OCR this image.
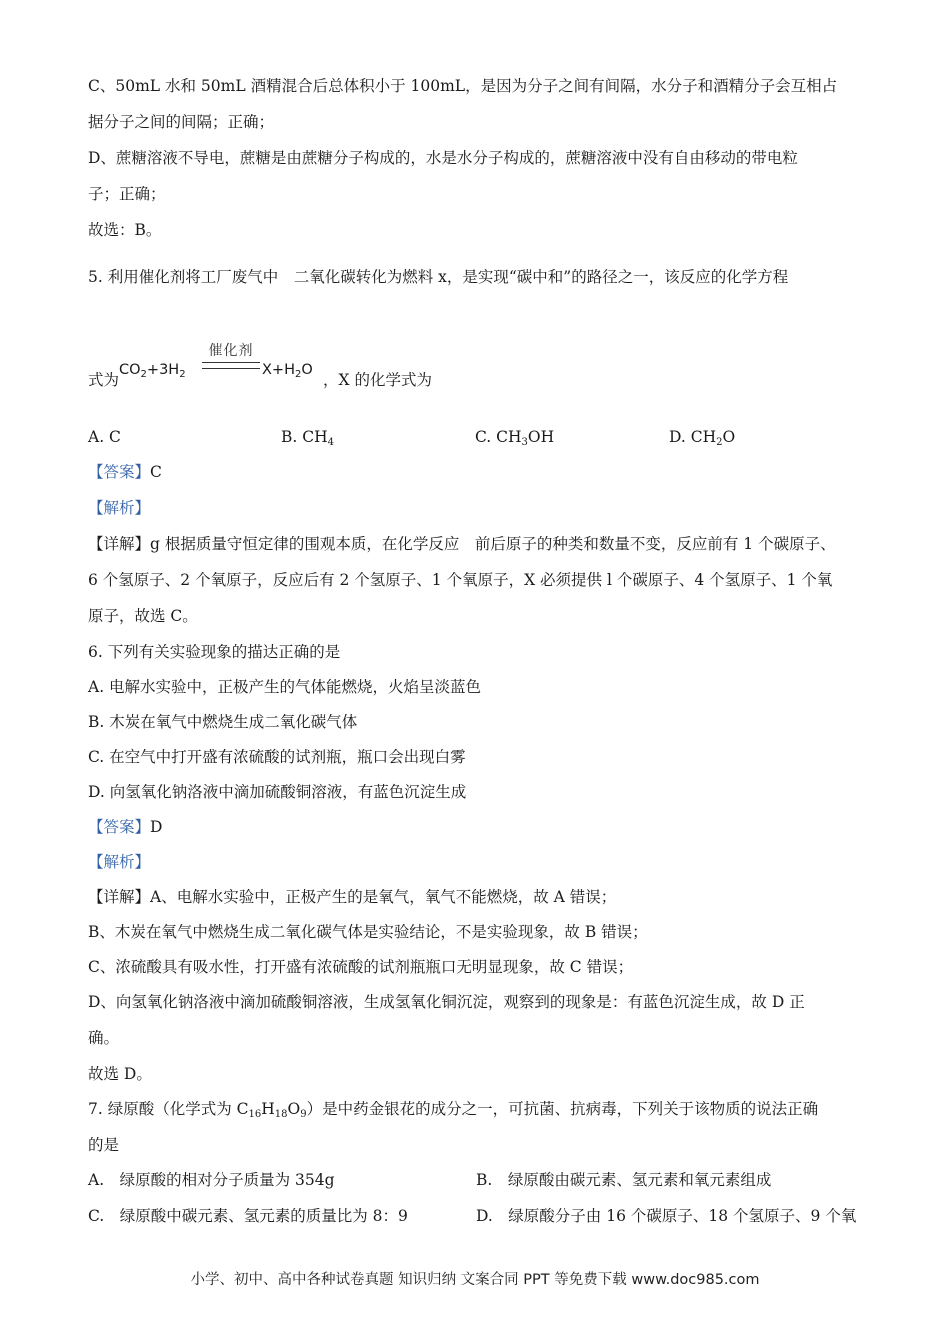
C、50mL 水和 50mL 酒精混合后总体积小于 100mL，是因为分子之间有间隔，水分子和酒精分子会互相占
据分子之间的间隔；正确；
D、蔗糖溶液不导电，蔗糖是由蔗糖分子构成的，水是水分子构成的，蔗糖溶液中没有自由移动的带电粒
子；正确；
故选：B。
5. 利用催化剂将工厂废气中　二氧化碳转化为燃料 x，是实现“碳中和”的路径之一，该反应的化学方程
式为
$CO_2+3H_2$
催化剂
$X+H_2O$
，X 的化学式为
A. C	B. $CH_4$	C. $CH_3OH$	D. $CH_2O$
【答案】C
【解析】
【详解】g 根据质量守恒定律的围观本质，在化学反应　前后原子的种类和数量不变，反应前有 1 个碳原子、
6 个氢原子、2 个氧原子，反应后有 2 个氢原子、1 个氧原子，X 必须提供 l 个碳原子、4 个氢原子、1 个氧
原子，故选 C。
6. 下列有关实验现象的描达正确的是
A. 电解水实验中，正极产生的气体能燃烧，火焰呈淡蓝色
B. 木炭在氧气中燃烧生成二氧化碳气体
C. 在空气中打开盛有浓硫酸的试剂瓶，瓶口会出现白雾
D. 向氢氧化钠洛液中滴加硫酸铜溶液，有蓝色沉淀生成
【答案】D
【解析】
【详解】A、电解水实验中，正极产生的是氧气，氧气不能燃烧，故 A 错误；
B、木炭在氧气中燃烧生成二氧化碳气体是实验结论，不是实验现象，故 B 错误；
C、浓硫酸具有吸水性，打开盛有浓硫酸的试剂瓶瓶口无明显现象，故 C 错误；
D、向氢氧化钠洛液中滴加硫酸铜溶液，生成氢氧化铜沉淀，观察到的现象是：有蓝色沉淀生成，故 D 正
确。
故选 D。
7. 绿原酸（化学式为 $C_{16}H_{18}O_9$）是中药金银花的成分之一，可抗菌、抗病毒，下列关于该物质的说法正确
的是
A.　绿原酸的相对分子质量为 354g	B.　绿原酸由碳元素、氢元素和氧元素组成
C.　绿原酸中碳元素、氢元素的质量比为 8：9	D.　绿原酸分子由 16 个碳原子、18 个氢原子、9 个氧
小学、初中、高中各种试卷真题 知识归纳 文案合同 PPT 等免费下载 www.doc985.com
